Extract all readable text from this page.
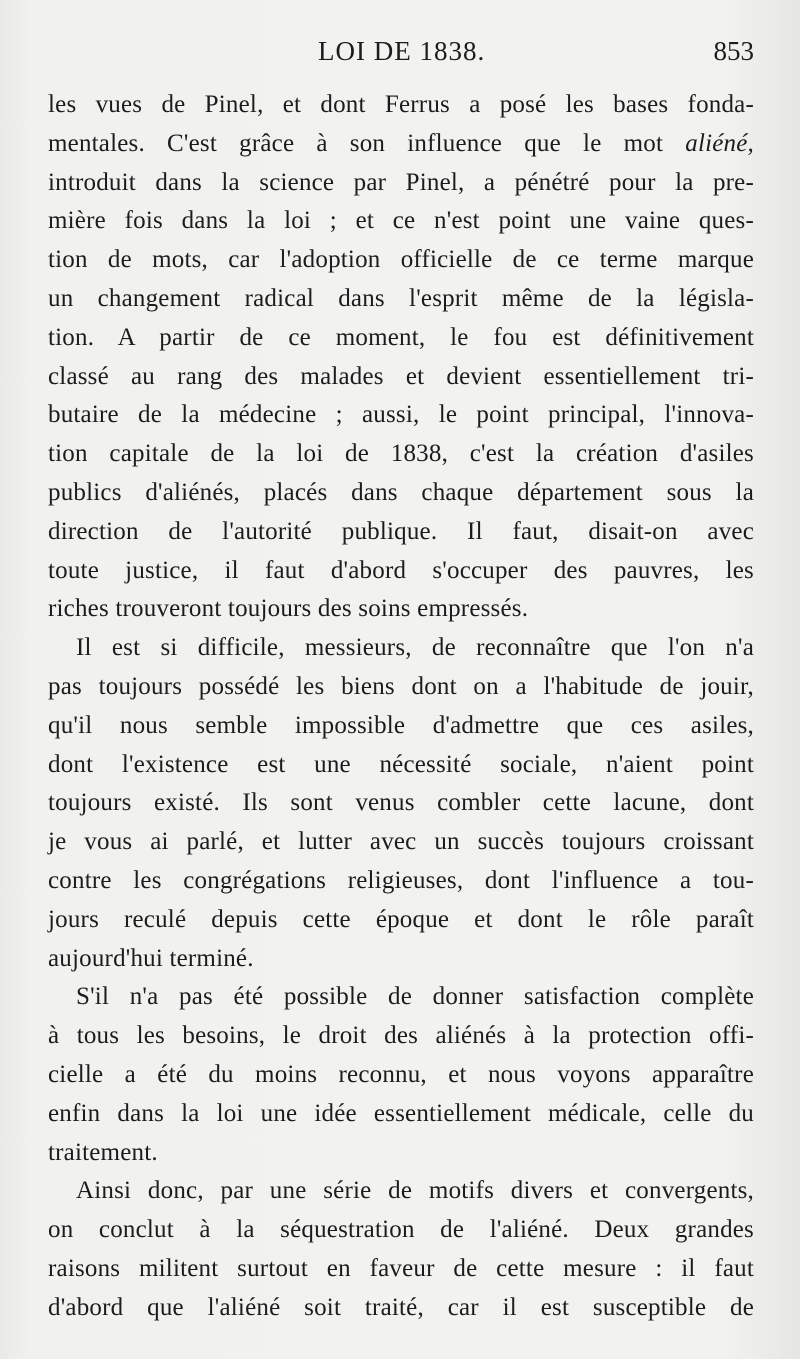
LOI DE 1838.	853
les vues de Pinel, et dont Ferrus a posé les bases fonda-
mentales. C'est grâce à son influence que le mot aliéné,
introduit dans la science par Pinel, a pénétré pour la pre-
mière fois dans la loi ; et ce n'est point une vaine ques-
tion de mots, car l'adoption officielle de ce terme marque
un changement radical dans l'esprit même de la législa-
tion. A partir de ce moment, le fou est définitivement
classé au rang des malades et devient essentiellement tri-
butaire de la médecine ; aussi, le point principal, l'innova-
tion capitale de la loi de 1838, c'est la création d'asiles
publics d'aliénés, placés dans chaque département sous la
direction de l'autorité publique. Il faut, disait-on avec
toute justice, il faut d'abord s'occuper des pauvres, les
riches trouveront toujours des soins empressés.
Il est si difficile, messieurs, de reconnaître que l'on n'a
pas toujours possédé les biens dont on a l'habitude de jouir,
qu'il nous semble impossible d'admettre que ces asiles,
dont l'existence est une nécessité sociale, n'aient point
toujours existé. Ils sont venus combler cette lacune, dont
je vous ai parlé, et lutter avec un succès toujours croissant
contre les congrégations religieuses, dont l'influence a tou-
jours reculé depuis cette époque et dont le rôle paraît
aujourd'hui terminé.
S'il n'a pas été possible de donner satisfaction complète
à tous les besoins, le droit des aliénés à la protection offi-
cielle a été du moins reconnu, et nous voyons apparaître
enfin dans la loi une idée essentiellement médicale, celle du
traitement.
Ainsi donc, par une série de motifs divers et convergents,
on conclut à la séquestration de l'aliéné. Deux grandes
raisons militent surtout en faveur de cette mesure : il faut
d'abord que l'aliéné soit traité, car il est susceptible de
